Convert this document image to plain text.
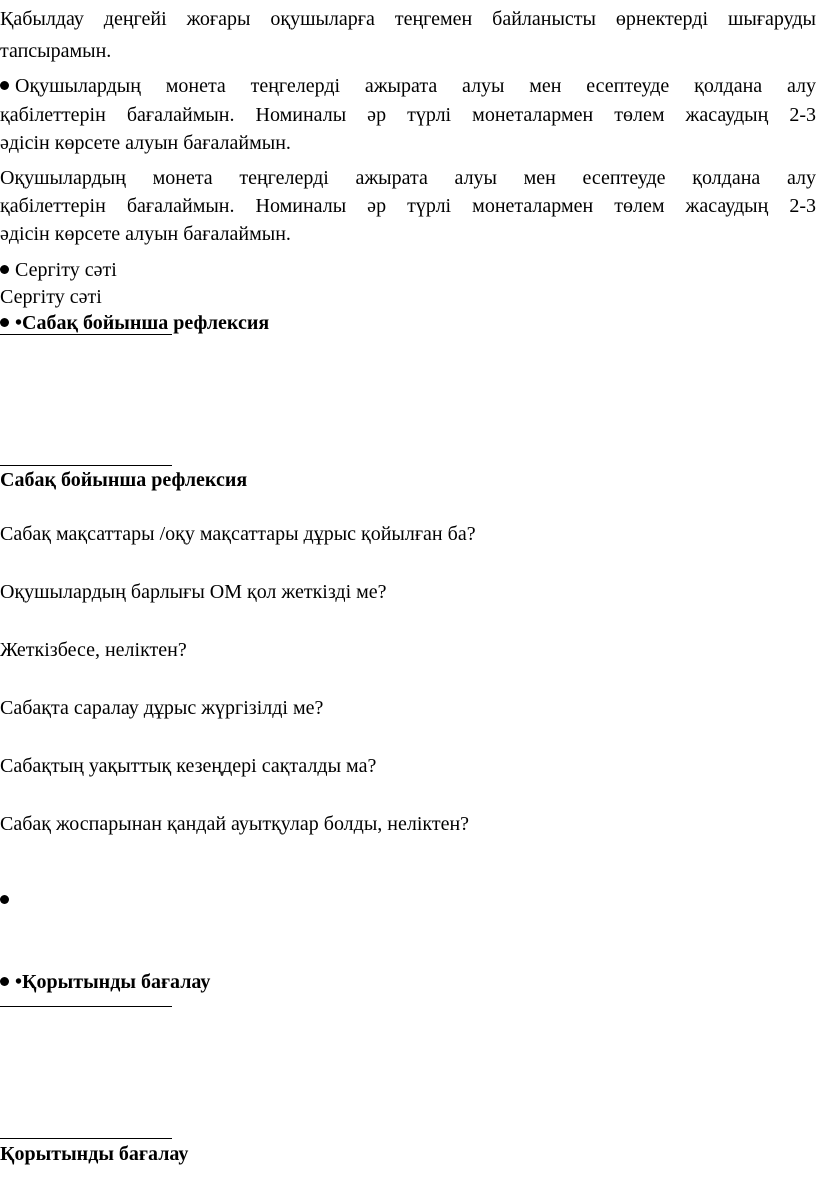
Қабылдау деңгейі жоғары оқушыларға теңгемен байланысты өрнектерді шығаруды

тапсырамын.

Оқушылардың монета теңгелерді ажырата алуы мен есептеуде қолдана алу

қабілеттерін бағалаймын. Номиналы әр түрлі монеталармен төлем жасаудың 2-3

әдісін көрсете алуын бағалаймын.

Оқушылардың монета теңгелерді ажырата алуы мен есептеуде қолдана алу

қабілеттерін бағалаймын. Номиналы әр түрлі монеталармен төлем жасаудың 2-3

әдісін көрсете алуын бағалаймын.

Сергіту сәті

Сергіту сәті

•Сабақ бойынша рефлексия

Сабақ бойынша рефлексия

Сабақ мақсаттары /оқу мақсаттары дұрыс қойылған ба?

Оқушылардың барлығы ОМ қол жеткізді ме?

Жеткізбесе, неліктен?

Сабақта саралау дұрыс жүргізілді ме?

Сабақтың уақыттық кезеңдері сақталды ма?

Сабақ жоспарынан қандай ауытқулар болды, неліктен?

•Қорытынды бағалау

Қорытынды бағалау
